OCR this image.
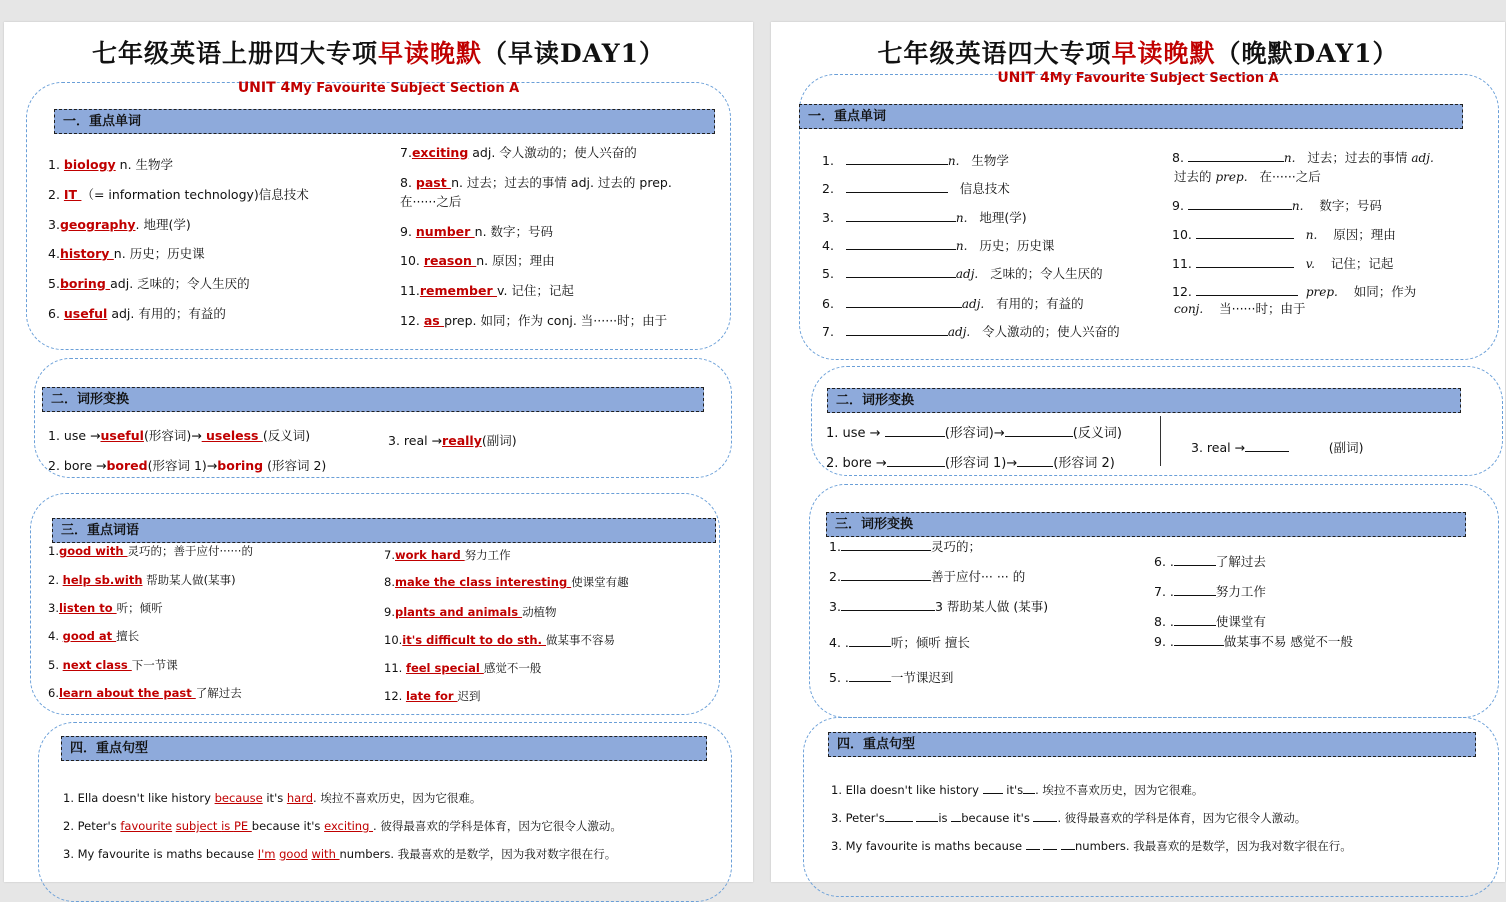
七年级英语上册四大专项早读晚默（早读DAY1）
UNIT 4My Favourite Subject Section A
一．重点单词
1. biology n. 生物学
2. IT （= information technology)信息技术
3.geography. 地理(学)
4.history n. 历史；历史课
5.boring adj. 乏味的；令人生厌的
6. useful adj. 有用的；有益的
7.exciting adj. 令人激动的；使人兴奋的
8. past n. 过去；过去的事情 adj. 过去的 prep.
在······之后
9. number n. 数字；号码
10. reason n. 原因；理由
11.remember v. 记住；记起
12. as prep. 如同；作为 conj. 当······时；由于
二．词形变换
1. use →useful(形容词)→ useless (反义词)
2. bore →bored(形容词 1)→boring (形容词 2)
3. real →really(副词)
三．重点词语
1.good with 灵巧的；善于应付······的
2. help sb.with 帮助某人做(某事)
3.listen to 听；倾听
4. good at 擅长
5. next class 下一节课
6.learn about the past 了解过去
7.work hard 努力工作
8.make the class interesting 使课堂有趣
9.plants and animals 动植物
10.it's difficult to do sth. 做某事不容易
11. feel special 感觉不一般
12. late for 迟到
四．重点句型
1. Ella doesn't like history because it's hard. 埃拉不喜欢历史，因为它很难。
2. Peter's favourite subject is PE because it's exciting . 彼得最喜欢的学科是体育，因为它很令人激动。
3. My favourite is maths because I'm good with numbers. 我最喜欢的是数学，因为我对数字很在行。
七年级英语四大专项早读晚默（晚默DAY1）
UNIT 4My Favourite Subject Section A
一．重点单词
1.	n. 生物学
2.	信息技术
3.	n. 地理(学)
4.	n. 历史；历史课
5.	adj. 乏味的；令人生厌的
6.	adj. 有用的；有益的
7.	adj. 令人激动的；使人兴奋的
8.	n. 过去；过去的事情 adj.
过去的 prep. 在······之后
9.	n. 数字；号码
10.	n. 原因；理由
11.	v. 记住；记起
12.	prep. 如同；作为
conj. 当······时；由于
二．词形变换
1. use →	(形容词)→	(反义词)
2. bore →	(形容词 1)→	(形容词 2)
3. real →	(副词)
三．词形变换
1.	灵巧的；
2.	善于应付··· ··· 的
3.	3 帮助某人做 (某事)
4. .	听；倾听 擅长
5. .	一节课迟到
6. .	了解过去
7. .	努力工作
8. .	使课堂有
9. .	做某事不易 感觉不一般
四．重点句型
1. Ella doesn't like history  it's . 埃拉不喜欢历史，因为它很难。
3. Peter's	is because it's . 彼得最喜欢的学科是体育，因为它很令人激动。
3. My favourite is maths because	numbers. 我最喜欢的是数学，因为我对数字很在行。
